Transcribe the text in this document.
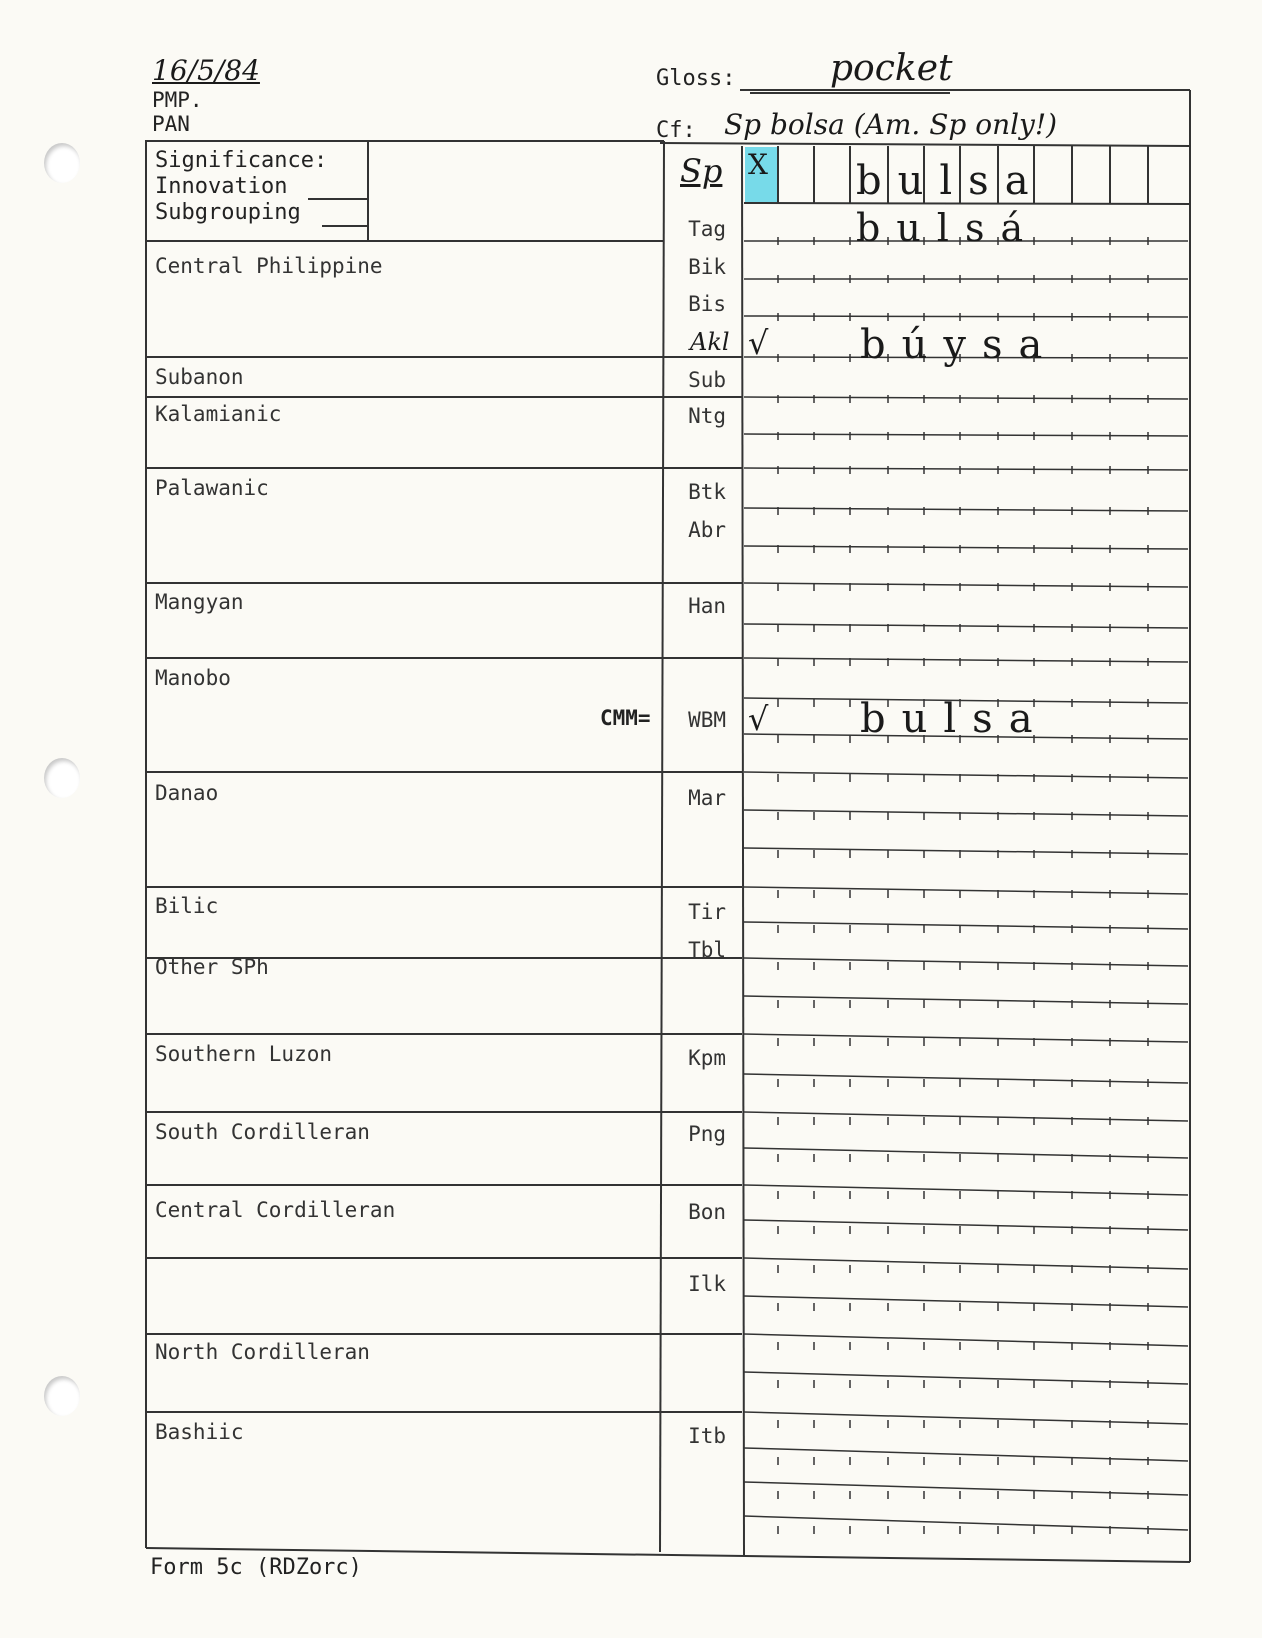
16/5/84
PMP.
PAN
Gloss:	pocket
Cf: Sp bolsa (Am. Sp only!)
Significance:
Innovation
Subgrouping
Sp X bulsa
Central Philippine
Subanon
Kalamianic
Palawanic
Mangyan
Manobo
Danao
Bilic
Other SPh
Southern Luzon
South Cordilleran
Central Cordilleran
North Cordilleran
Bashiic
Tag
Bik
Bis
Akl
Sub
Ntg
Btk
Abr
Han
CMM=	WBM
Mar
Tir
Tbl
Kpm
Png
Bon
Ilk
Itb
bulsá
√ búysa
√ bulsa
Form 5c (RDZorc)
